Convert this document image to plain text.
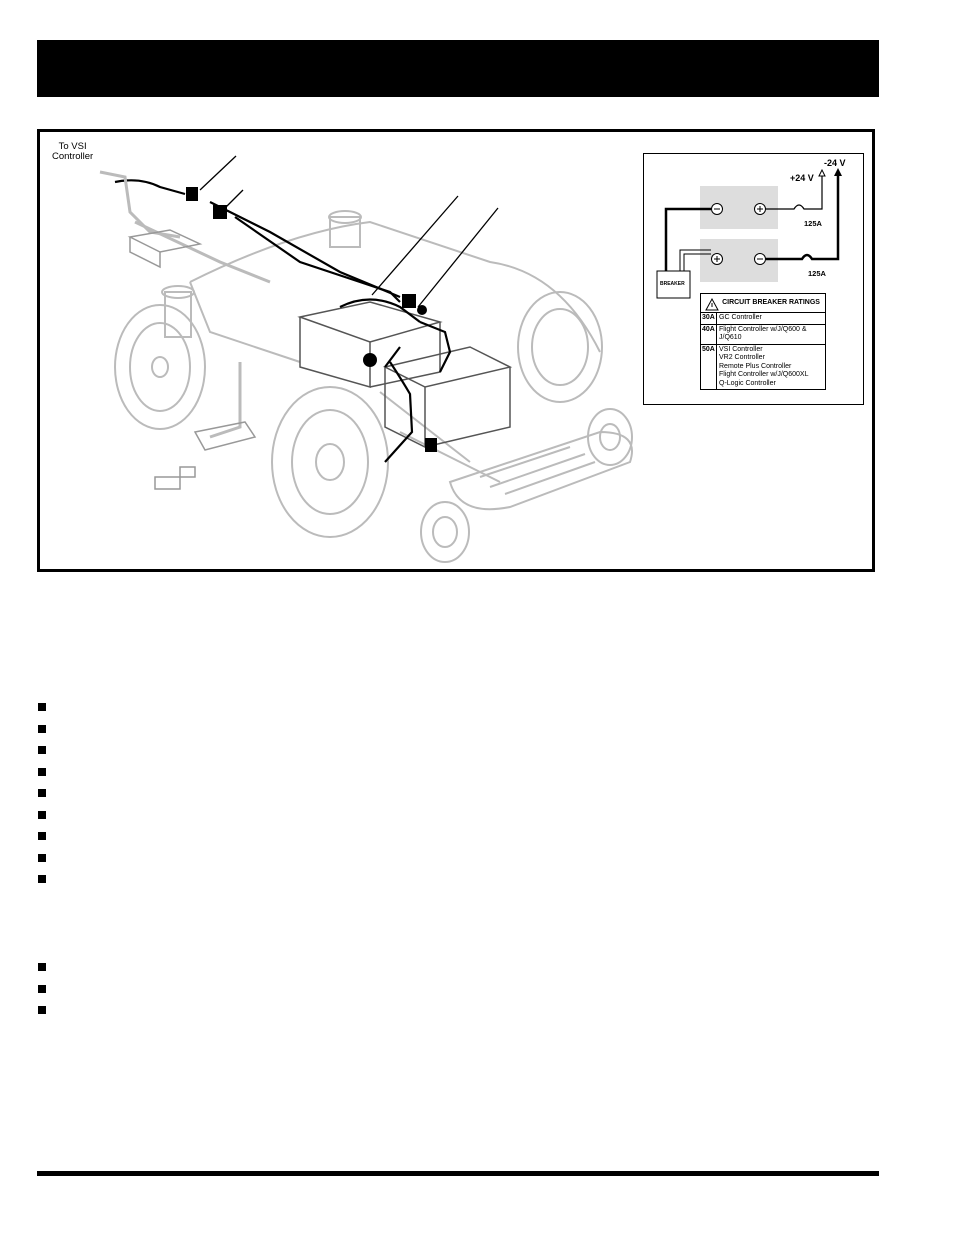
To VSI
Controller
-24 V
+24 V
125A
125A
BREAKER
CIRCUIT BREAKER RATINGS
30A GC Controller
40A Flight Controller w/J/Q600 & J/Q610
50A VSI Controller
VR2 Controller
Remote Plus Controller
Flight Controller w/J/Q600XL
Q-Logic Controller
